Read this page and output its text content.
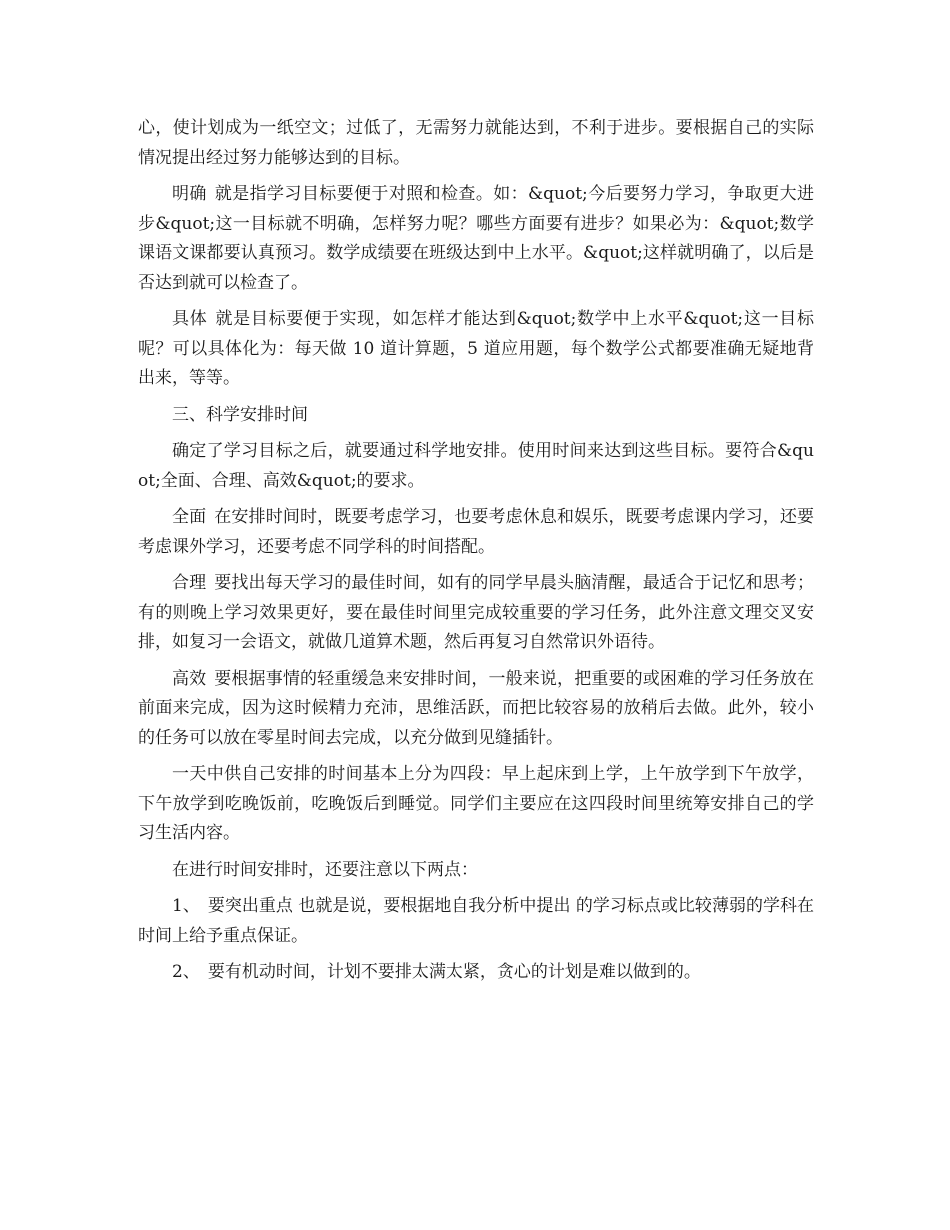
心，使计划成为一纸空文；过低了，无需努力就能达到，不利于进步。要根据自己的实际情况提出经过努力能够达到的目标。

明确 就是指学习目标要便于对照和检查。如：&quot;今后要努力学习，争取更大进步&quot;这一目标就不明确，怎样努力呢？哪些方面要有进步？如果必为：&quot;数学课语文课都要认真预习。数学成绩要在班级达到中上水平。&quot;这样就明确了，以后是否达到就可以检查了。

具体 就是目标要便于实现，如怎样才能达到&quot;数学中上水平&quot;这一目标呢？可以具体化为：每天做 10 道计算题，5 道应用题，每个数学公式都要准确无疑地背出来，等等。

三、科学安排时间

确定了学习目标之后，就要通过科学地安排。使用时间来达到这些目标。要符合&quot;全面、合理、高效&quot;的要求。

全面 在安排时间时，既要考虑学习，也要考虑休息和娱乐，既要考虑课内学习，还要考虑课外学习，还要考虑不同学科的时间搭配。

合理 要找出每天学习的最佳时间，如有的同学早晨头脑清醒，最适合于记忆和思考；有的则晚上学习效果更好，要在最佳时间里完成较重要的学习任务，此外注意文理交叉安排，如复习一会语文，就做几道算术题，然后再复习自然常识外语待。

高效 要根据事情的轻重缓急来安排时间，一般来说，把重要的或困难的学习任务放在前面来完成，因为这时候精力充沛，思维活跃，而把比较容易的放稍后去做。此外，较小的任务可以放在零星时间去完成，以充分做到见缝插针。

一天中供自己安排的时间基本上分为四段：早上起床到上学，上午放学到下午放学，下午放学到吃晚饭前，吃晚饭后到睡觉。同学们主要应在这四段时间里统筹安排自己的学习生活内容。

在进行时间安排时，还要注意以下两点：

1、 要突出重点 也就是说，要根据地自我分析中提出 的学习标点或比较薄弱的学科在时间上给予重点保证。

2、 要有机动时间，计划不要排太满太紧，贪心的计划是难以做到的。
